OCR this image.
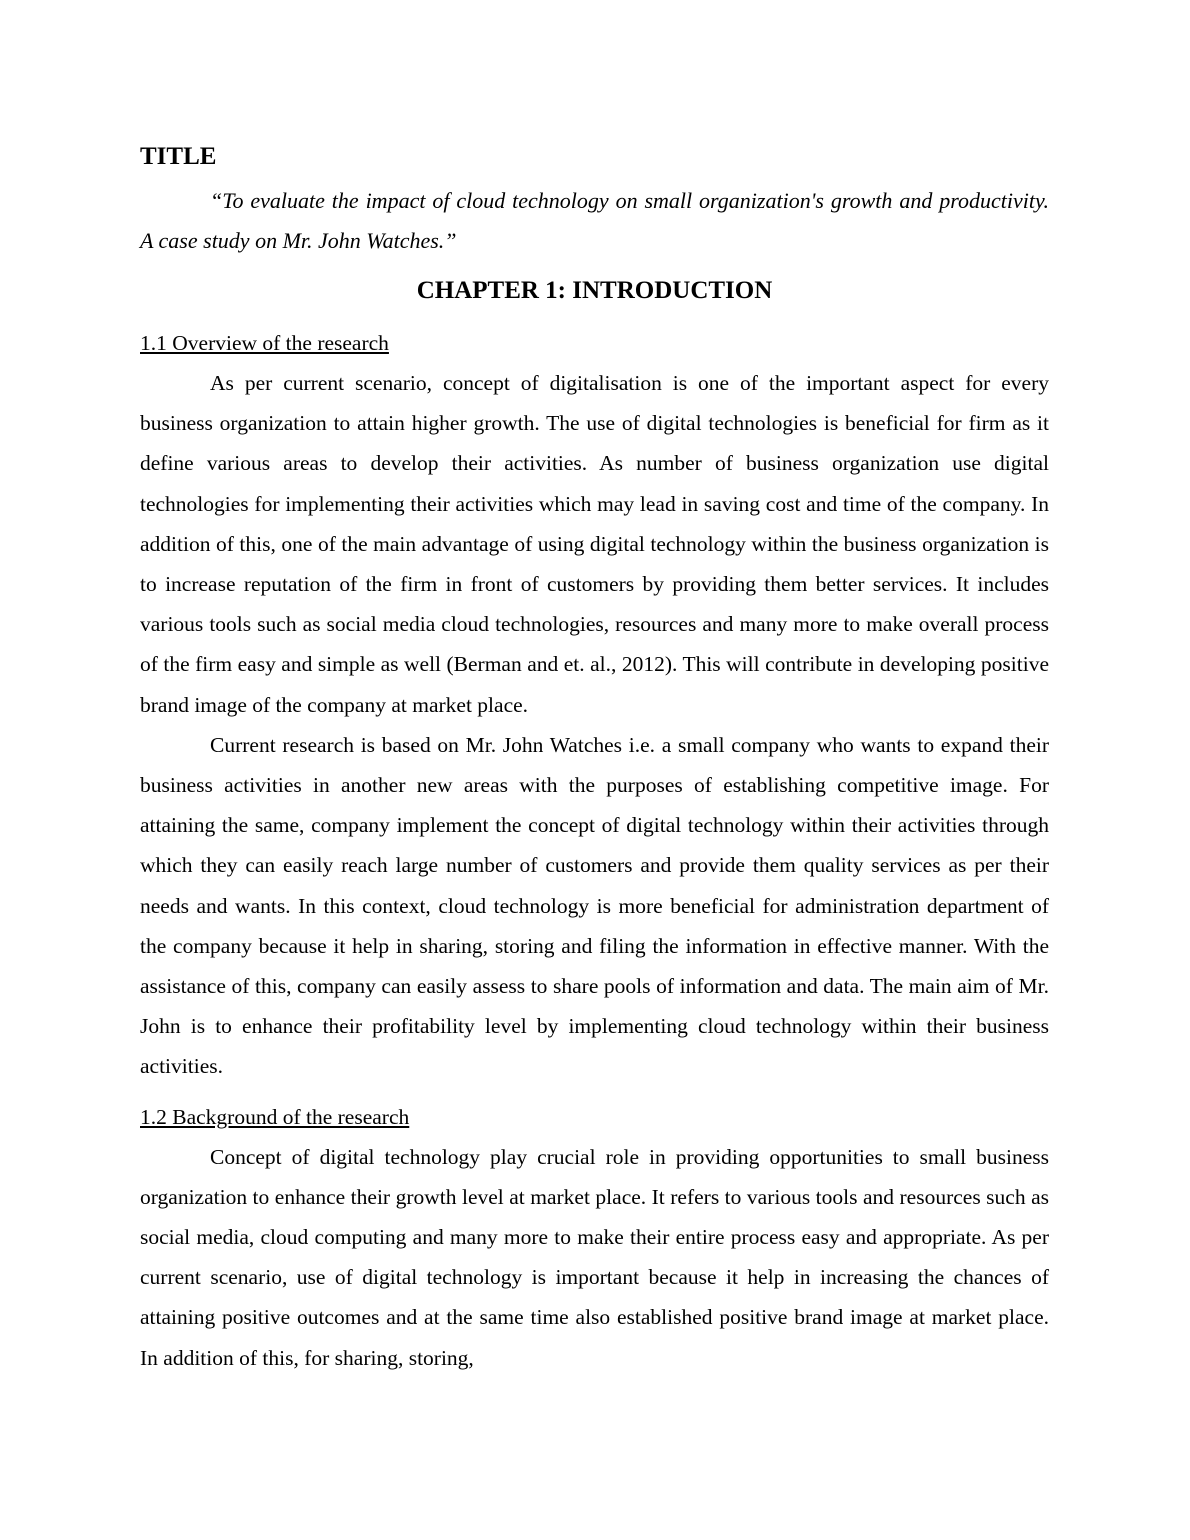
TITLE

“To evaluate the impact of cloud technology on small organization's growth and productivity. A case study on Mr. John Watches.”

CHAPTER 1: INTRODUCTION
1.1 Overview of the research

As per current scenario, concept of digitalisation is one of the important aspect for every business organization to attain higher growth. The use of digital technologies is beneficial for firm as it define various areas to develop their activities. As number of business organization use digital technologies for implementing their activities which may lead in saving cost and time of the company. In addition of this, one of the main advantage of using digital technology within the business organization is to increase reputation of the firm in front of customers by providing them better services. It includes various tools such as social media cloud technologies, resources and many more to make overall process of the firm easy and simple as well (Berman and et. al., 2012). This will contribute in developing positive brand image of the company at market place.

Current research is based on Mr. John Watches i.e. a small company who wants to expand their business activities in another new areas with the purposes of establishing competitive image. For attaining the same, company implement the concept of digital technology within their activities through which they can easily reach large number of customers and provide them quality services as per their needs and wants. In this context, cloud technology is more beneficial for administration department of the company because it help in sharing, storing and filing the information in effective manner. With the assistance of this, company can easily assess to share pools of information and data. The main aim of Mr. John is to enhance their profitability level by implementing cloud technology within their business activities.

1.2 Background of the research

Concept of digital technology play crucial role in providing opportunities to small business organization to enhance their growth level at market place. It refers to various tools and resources such as social media, cloud computing and many more to make their entire process easy and appropriate. As per current scenario, use of digital technology is important because it help in increasing the chances of attaining positive outcomes and at the same time also established positive brand image at market place. In addition of this, for sharing, storing,
